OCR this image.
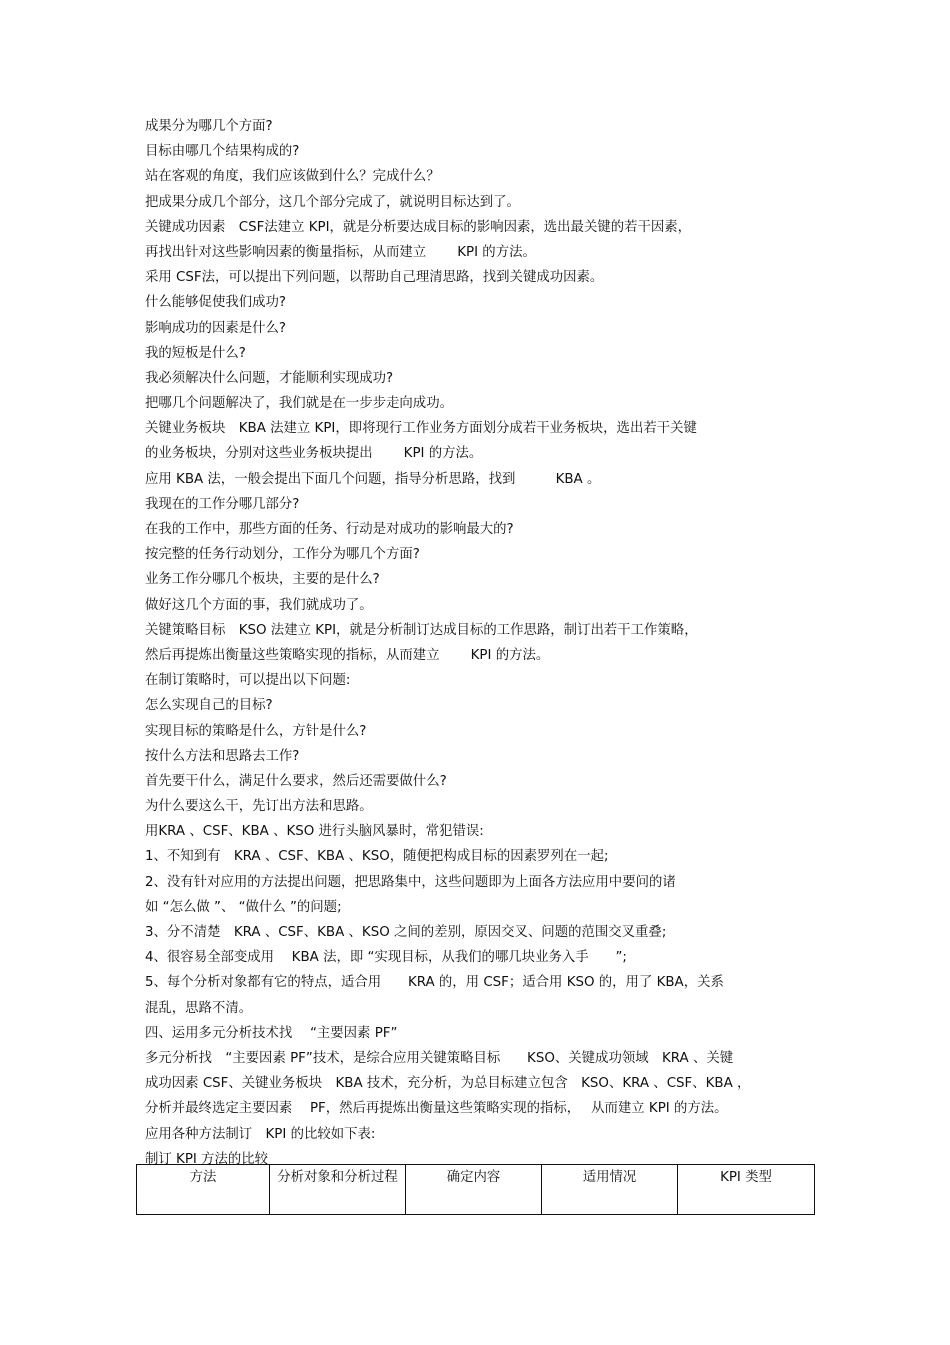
成果分为哪几个方面?
目标由哪几个结果构成的?
站在客观的角度，我们应该做到什么？完成什么？
把成果分成几个部分，这几个部分完成了，就说明目标达到了。
关键成功因素　CSF法建立 KPI，就是分析要达成目标的影响因素，选出最关键的若干因素，
再找出针对这些影响因素的衡量指标，从而建立　　 KPI 的方法。
采用 CSF法，可以提出下列问题，以帮助自己理清思路，找到关键成功因素。
什么能够促使我们成功?
影响成功的因素是什么?
我的短板是什么?
我必须解决什么问题，才能顺利实现成功?
把哪几个问题解决了，我们就是在一步步走向成功。
关键业务板块　KBA 法建立 KPI，即将现行工作业务方面划分成若干业务板块，选出若干关键
的业务板块，分别对这些业务板块提出　　 KPI 的方法。
应用 KBA 法，一般会提出下面几个问题，指导分析思路，找到　　　KBA 。
我现在的工作分哪几部分?
在我的工作中，那些方面的任务、行动是对成功的影响最大的?
按完整的任务行动划分，工作分为哪几个方面?
业务工作分哪几个板块，主要的是什么?
做好这几个方面的事，我们就成功了。
关键策略目标　KSO 法建立 KPI，就是分析制订达成目标的工作思路，制订出若干工作策略，
然后再提炼出衡量这些策略实现的指标，从而建立　　 KPI 的方法。
在制订策略时，可以提出以下问题:
怎么实现自己的目标?
实现目标的策略是什么，方针是什么?
按什么方法和思路去工作?
首先要干什么，满足什么要求，然后还需要做什么?
为什么要这么干，先订出方法和思路。
用KRA 、CSF、KBA 、KSO 进行头脑风暴时，常犯错误:
1、不知到有　KRA 、CSF、KBA 、KSO，随便把构成目标的因素罗列在一起;
2、没有针对应用的方法提出问题，把思路集中，这些问题即为上面各方法应用中要问的诸
如 “怎么做 ”、 “做什么 ”的问题;
3、分不清楚　KRA 、CSF、KBA 、KSO 之间的差别，原因交叉、问题的范围交叉重叠;
4、很容易全部变成用　 KBA 法，即 “实现目标，从我们的哪几块业务入手　　”;
5、每个分析对象都有它的特点，适合用　　KRA 的，用 CSF；适合用 KSO 的，用了 KBA，关系
混乱，思路不清。
四、运用多元分析技术找　 “主要因素 PF”
多元分析找　“主要因素 PF”技术，是综合应用关键策略目标　　KSO、关键成功领域　KRA 、关键
成功因素 CSF、关键业务板块　KBA 技术，充分析，为总目标建立包含　KSO、KRA 、CSF、KBA ，
分析并最终选定主要因素　 PF，然后再提炼出衡量这些策略实现的指标，　 从而建立 KPI 的方法。
应用各种方法制订　KPI 的比较如下表:
制订 KPI 方法的比较
方法	分析对象和分析过程	确定内容	适用情况	KPI 类型
